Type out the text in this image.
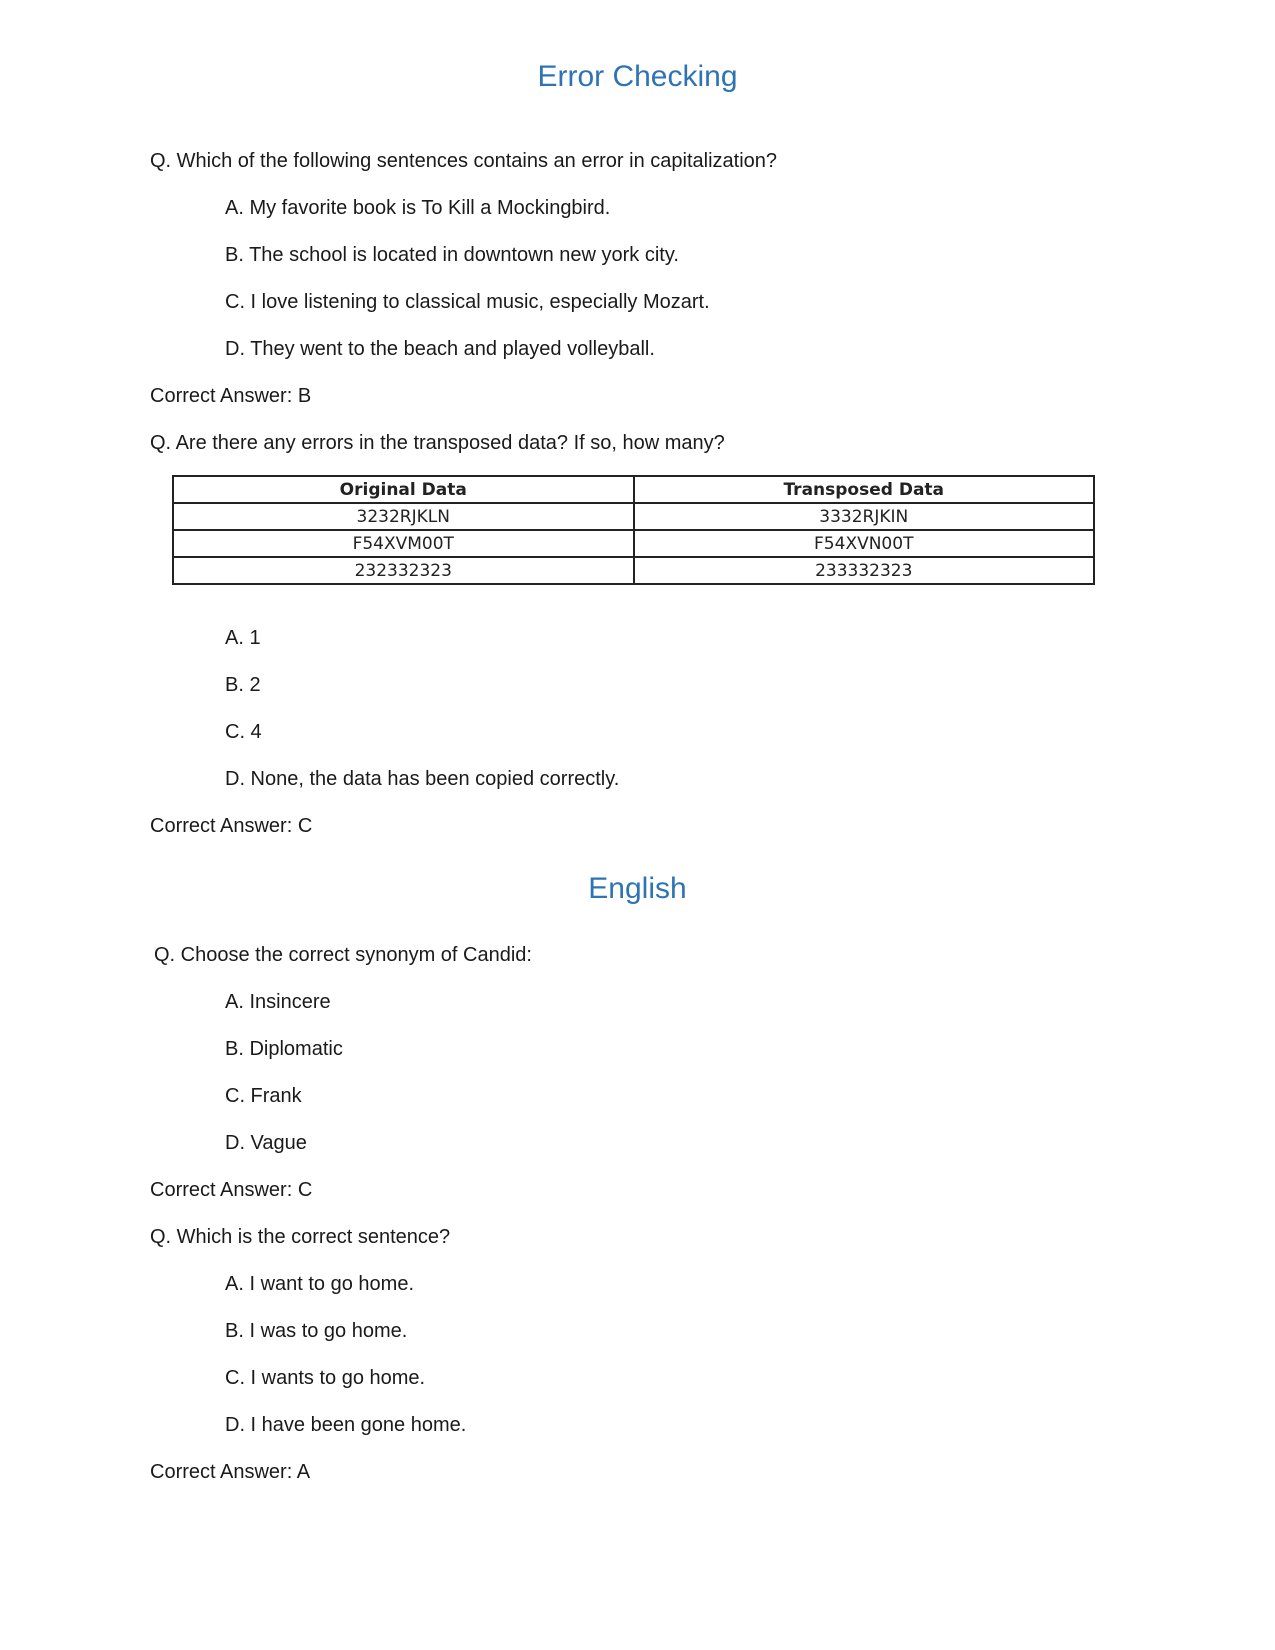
Error Checking
Q. Which of the following sentences contains an error in capitalization?
A. My favorite book is To Kill a Mockingbird.
B. The school is located in downtown new york city.
C. I love listening to classical music, especially Mozart.
D. They went to the beach and played volleyball.
Correct Answer: B
Q. Are there any errors in the transposed data? If so, how many?
Original Data	Transposed Data
3232RJKLN	3332RJKIN
F54XVM00T	F54XVN00T
232332323	233332323
A. 1
B. 2
C. 4
D. None, the data has been copied correctly.
Correct Answer: C
English
Q. Choose the correct synonym of Candid:
A. Insincere
B. Diplomatic
C. Frank
D. Vague
Correct Answer: C
Q. Which is the correct sentence?
A. I want to go home.
B. I was to go home.
C. I wants to go home.
D. I have been gone home.
Correct Answer: A
